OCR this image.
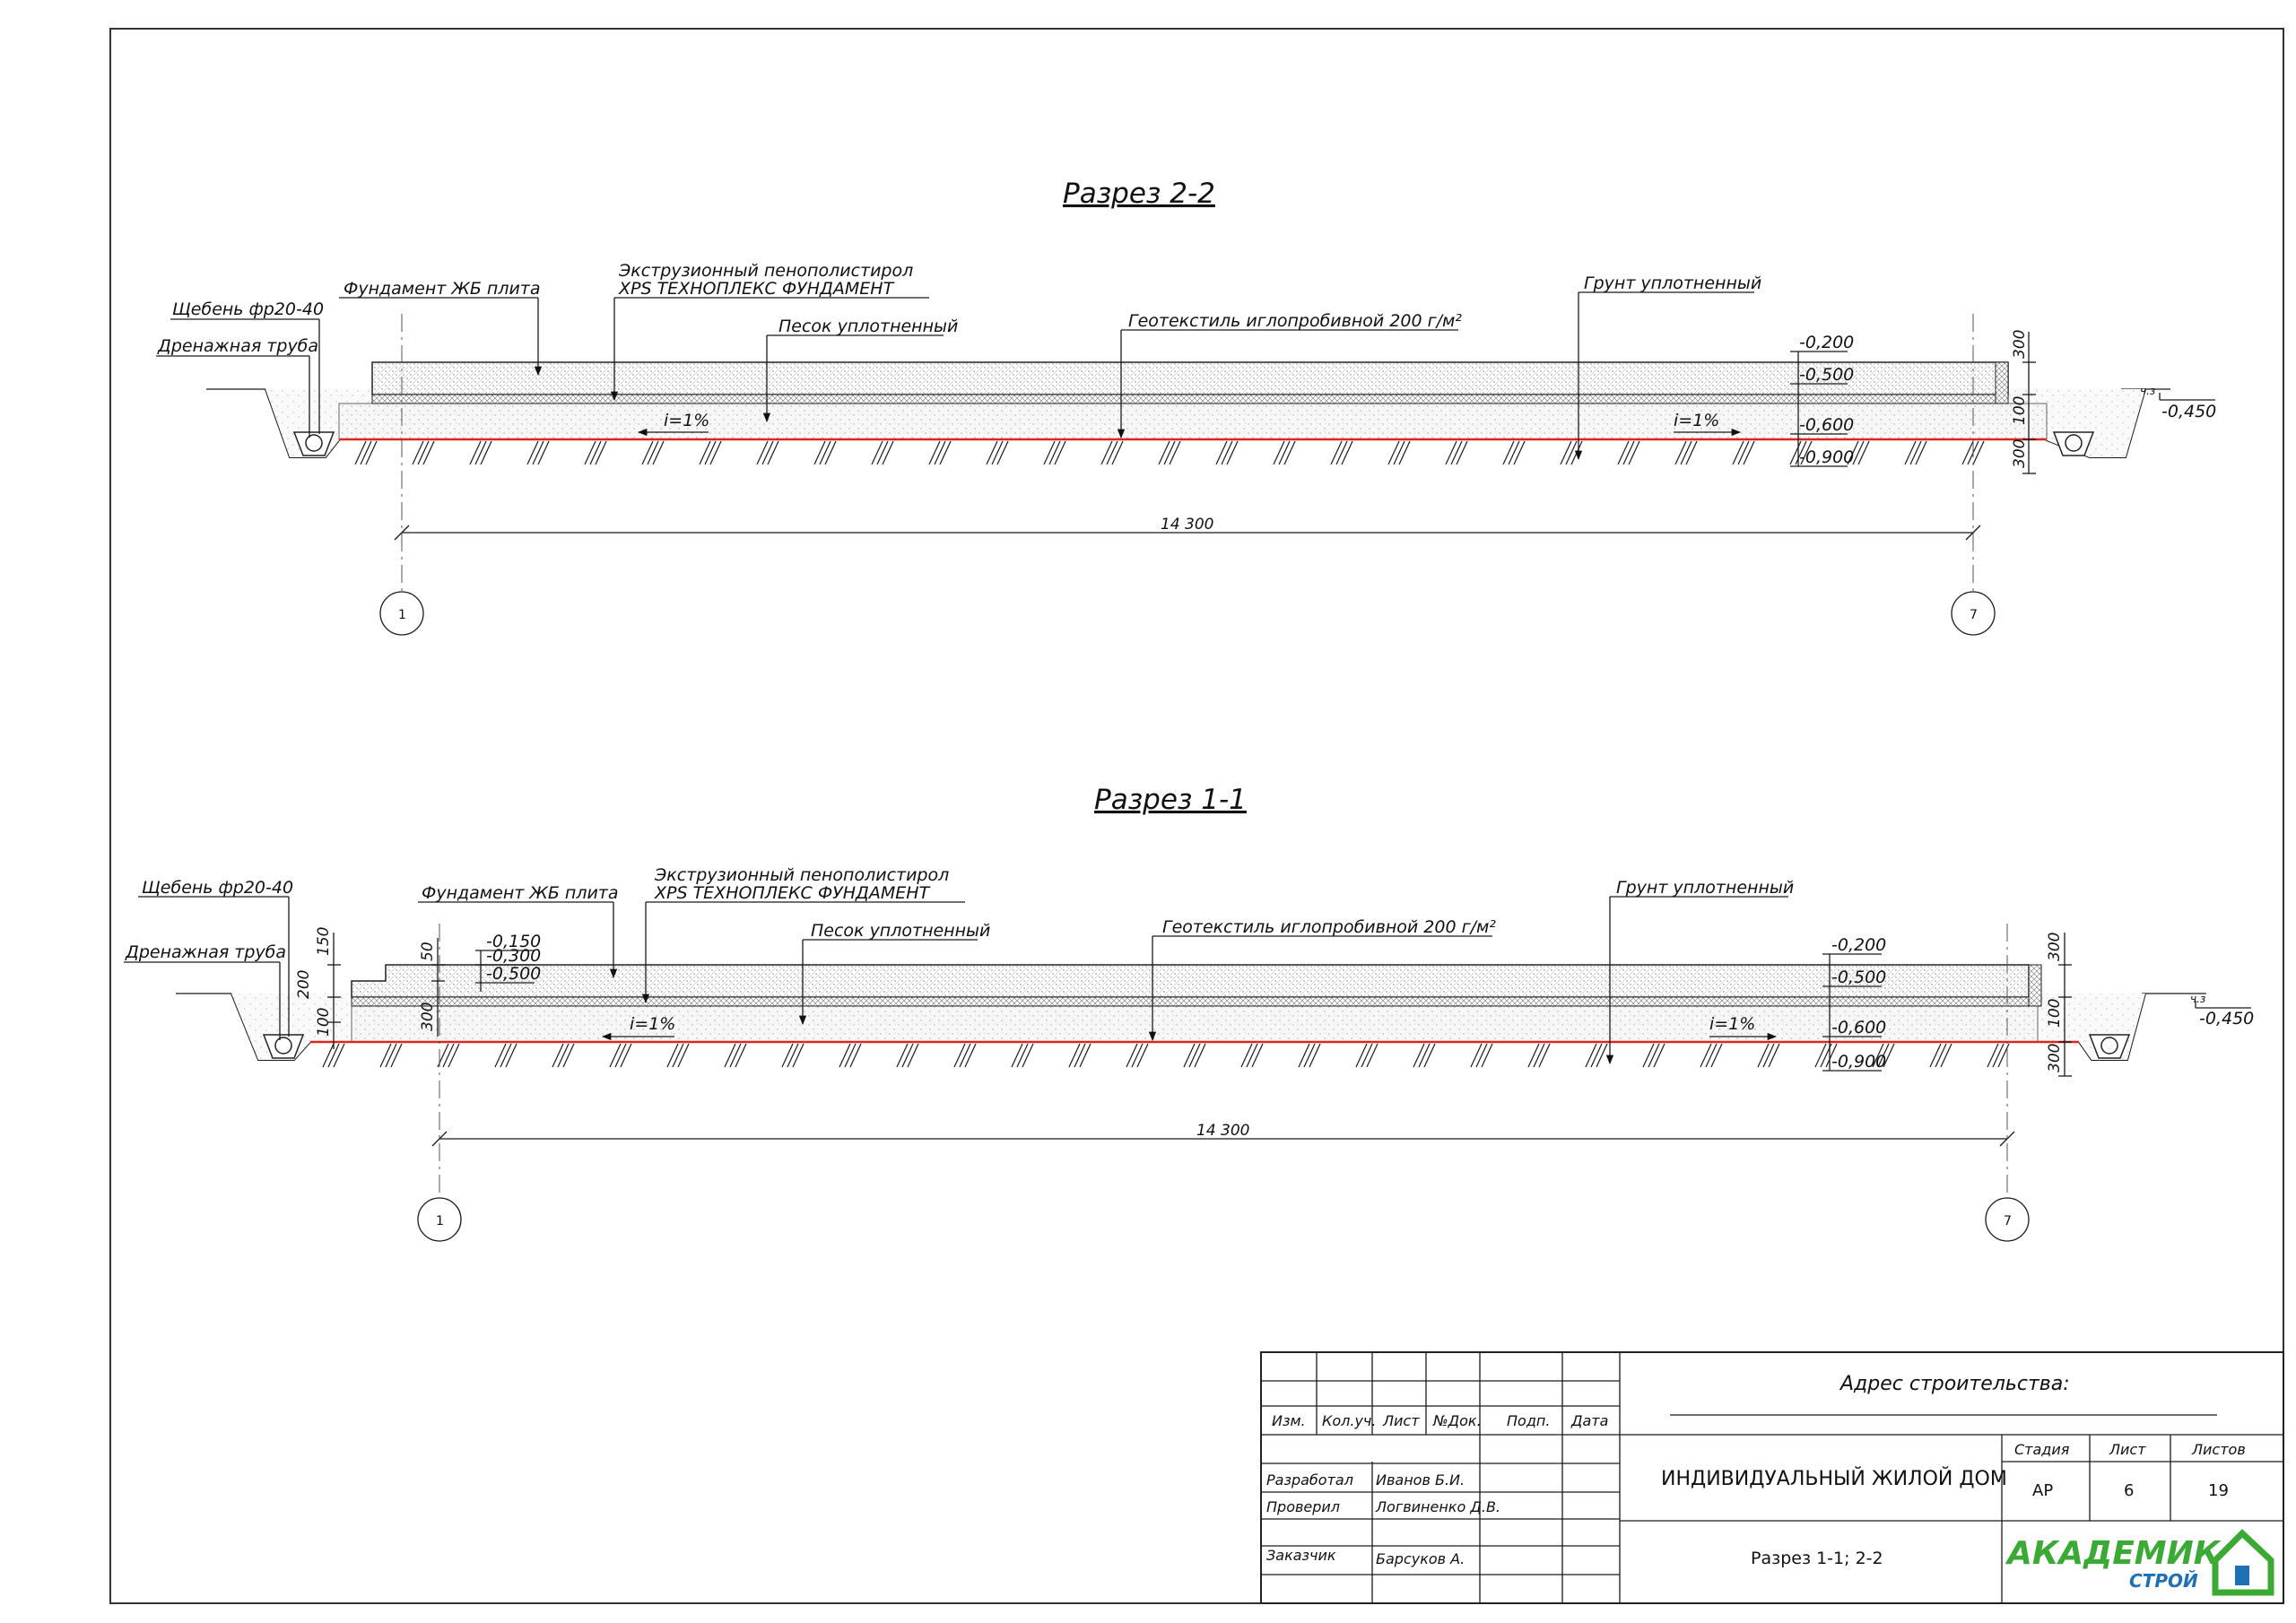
Разрез 2-2
Щебень фр20-40
Дренажная труба
Фундамент ЖБ плита
Экструзионный пенополистирол
XPS ТЕХНОПЛЕКС ФУНДАМЕНТ
Песок уплотненный	Геотекстиль иглопробивной 200 г/м²
Грунт уплотненный
i=1%	i=1%
-0,200
-0,500
-0,600
-0,900
300
100
300
ч.з
-0,450
14 300
1	7
Разрез 1-1
Щебень фр20-40
Дренажная труба
Фундамент ЖБ плита
Экструзионный пенополистирол
XPS ТЕХНОПЛЕКС ФУНДАМЕНТ
Песок уплотненный	Геотекстиль иглопробивной 200 г/м²
Грунт уплотненный
i=1%	i=1%
-0,150
-0,300
-0,500
150
200
100
50
300
-0,200
-0,500
-0,600
-0,900
300
100
300
ч.з
-0,450
14 300
1	7
Изм. Кол.уч. Лист №Док. Подп. Дата
Разработал Иванов Б.И.
Проверил Логвиненко Д.В.
Заказчик	Барсуков А.
Адрес строительства:
ИНДИВИДУАЛЬНЫЙ ЖИЛОЙ ДОМ
Разрез 1-1; 2-2
Стадия	Лист	Листов
АР	6	19
АКАДЕМИК
СТРОЙ
